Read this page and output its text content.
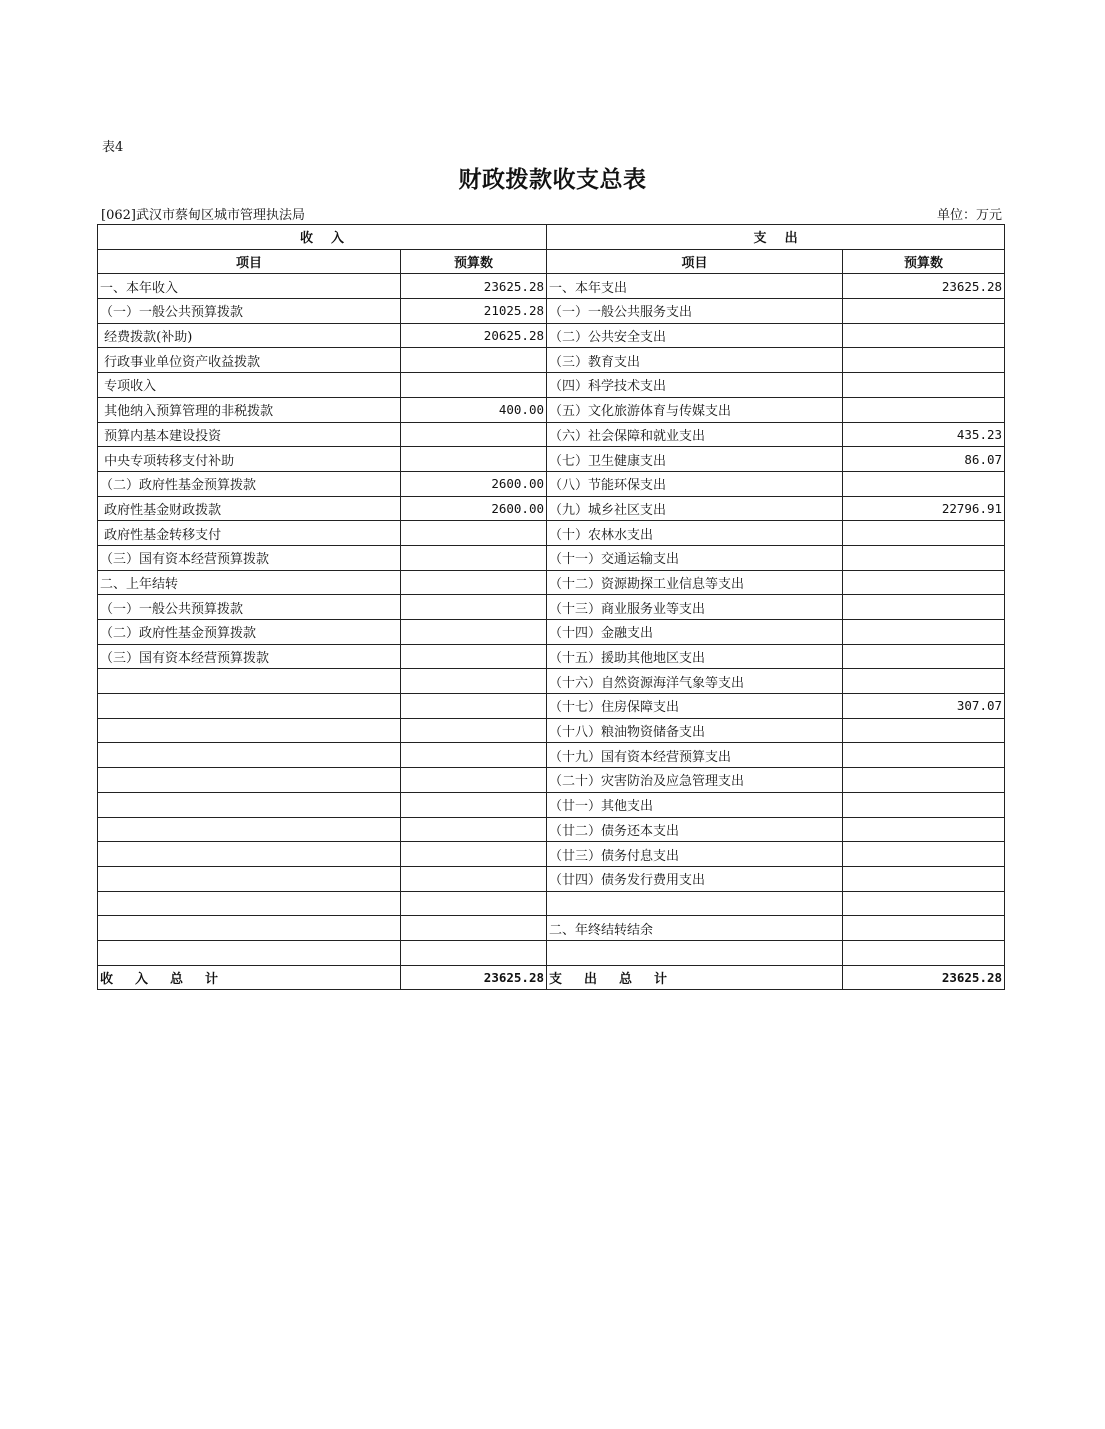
表4
财政拨款收支总表
[062]武汉市蔡甸区城市管理执法局	单位：万元
收    入		支    出	
项目	预算数	项目	预算数
一、本年收入	23625.28	一、本年支出	23625.28
（一）一般公共预算拨款	21025.28	（一）一般公共服务支出	
经费拨款(补助)	20625.28	（二）公共安全支出	
行政事业单位资产收益拨款		（三）教育支出	
专项收入		（四）科学技术支出	
其他纳入预算管理的非税拨款	400.00	（五）文化旅游体育与传媒支出	
预算内基本建设投资		（六）社会保障和就业支出	435.23
中央专项转移支付补助		（七）卫生健康支出	86.07
（二）政府性基金预算拨款	2600.00	（八）节能环保支出	
政府性基金财政拨款	2600.00	（九）城乡社区支出	22796.91
政府性基金转移支付		（十）农林水支出	
（三）国有资本经营预算拨款		（十一）交通运输支出	
二、上年结转		（十二）资源勘探工业信息等支出	
（一）一般公共预算拨款		（十三）商业服务业等支出	
（二）政府性基金预算拨款		（十四）金融支出	
（三）国有资本经营预算拨款		（十五）援助其他地区支出	
		（十六）自然资源海洋气象等支出	
		（十七）住房保障支出	307.07
		（十八）粮油物资储备支出	
		（十九）国有资本经营预算支出	
		（二十）灾害防治及应急管理支出	
		（廿一）其他支出	
		（廿二）债务还本支出	
		（廿三）债务付息支出	
		（廿四）债务发行费用支出	

		二、年终结转结余	

收入总计	23625.28	支出总计	23625.28
